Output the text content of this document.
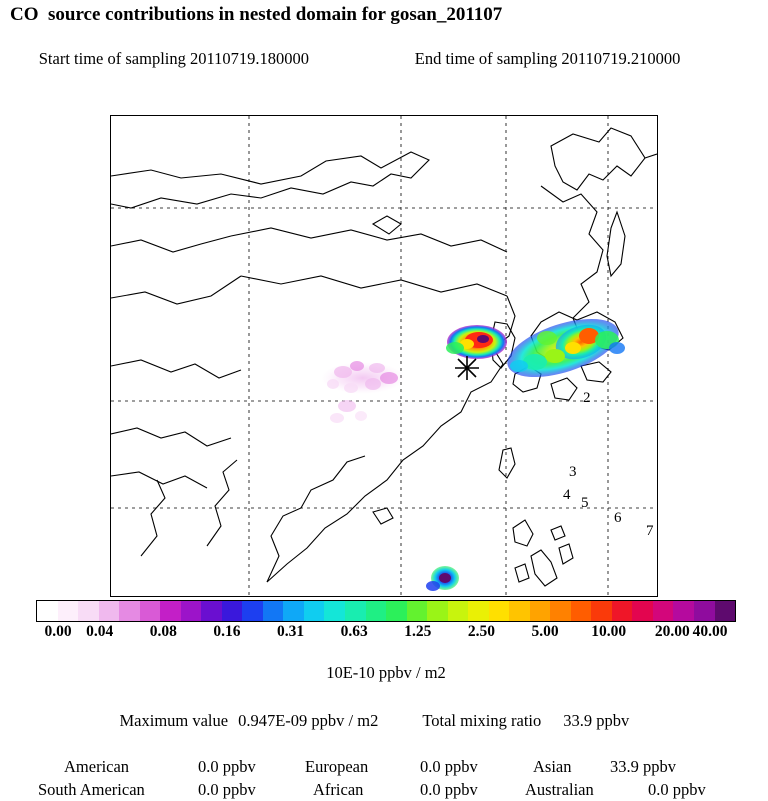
CO  source contributions in nested domain for gosan_201107

Start time of sampling 20110719.180000	End time of sampling 20110719.210000

2
3
4 5
6
7
0.00 0.04 0.08 0.16 0.31 0.63 1.25 2.50 5.00 10.00 20.00 40.00
10E-10 ppbv / m2

Maximum value 0.947E-09 ppbv / m2	Total mixing ratio 33.9 ppbv

American	0.0 ppbv	European	0.0 ppbv	Asian 33.9 ppbv
South American	0.0 ppbv	African	0.0 ppbv	Australian	0.0 ppbv
